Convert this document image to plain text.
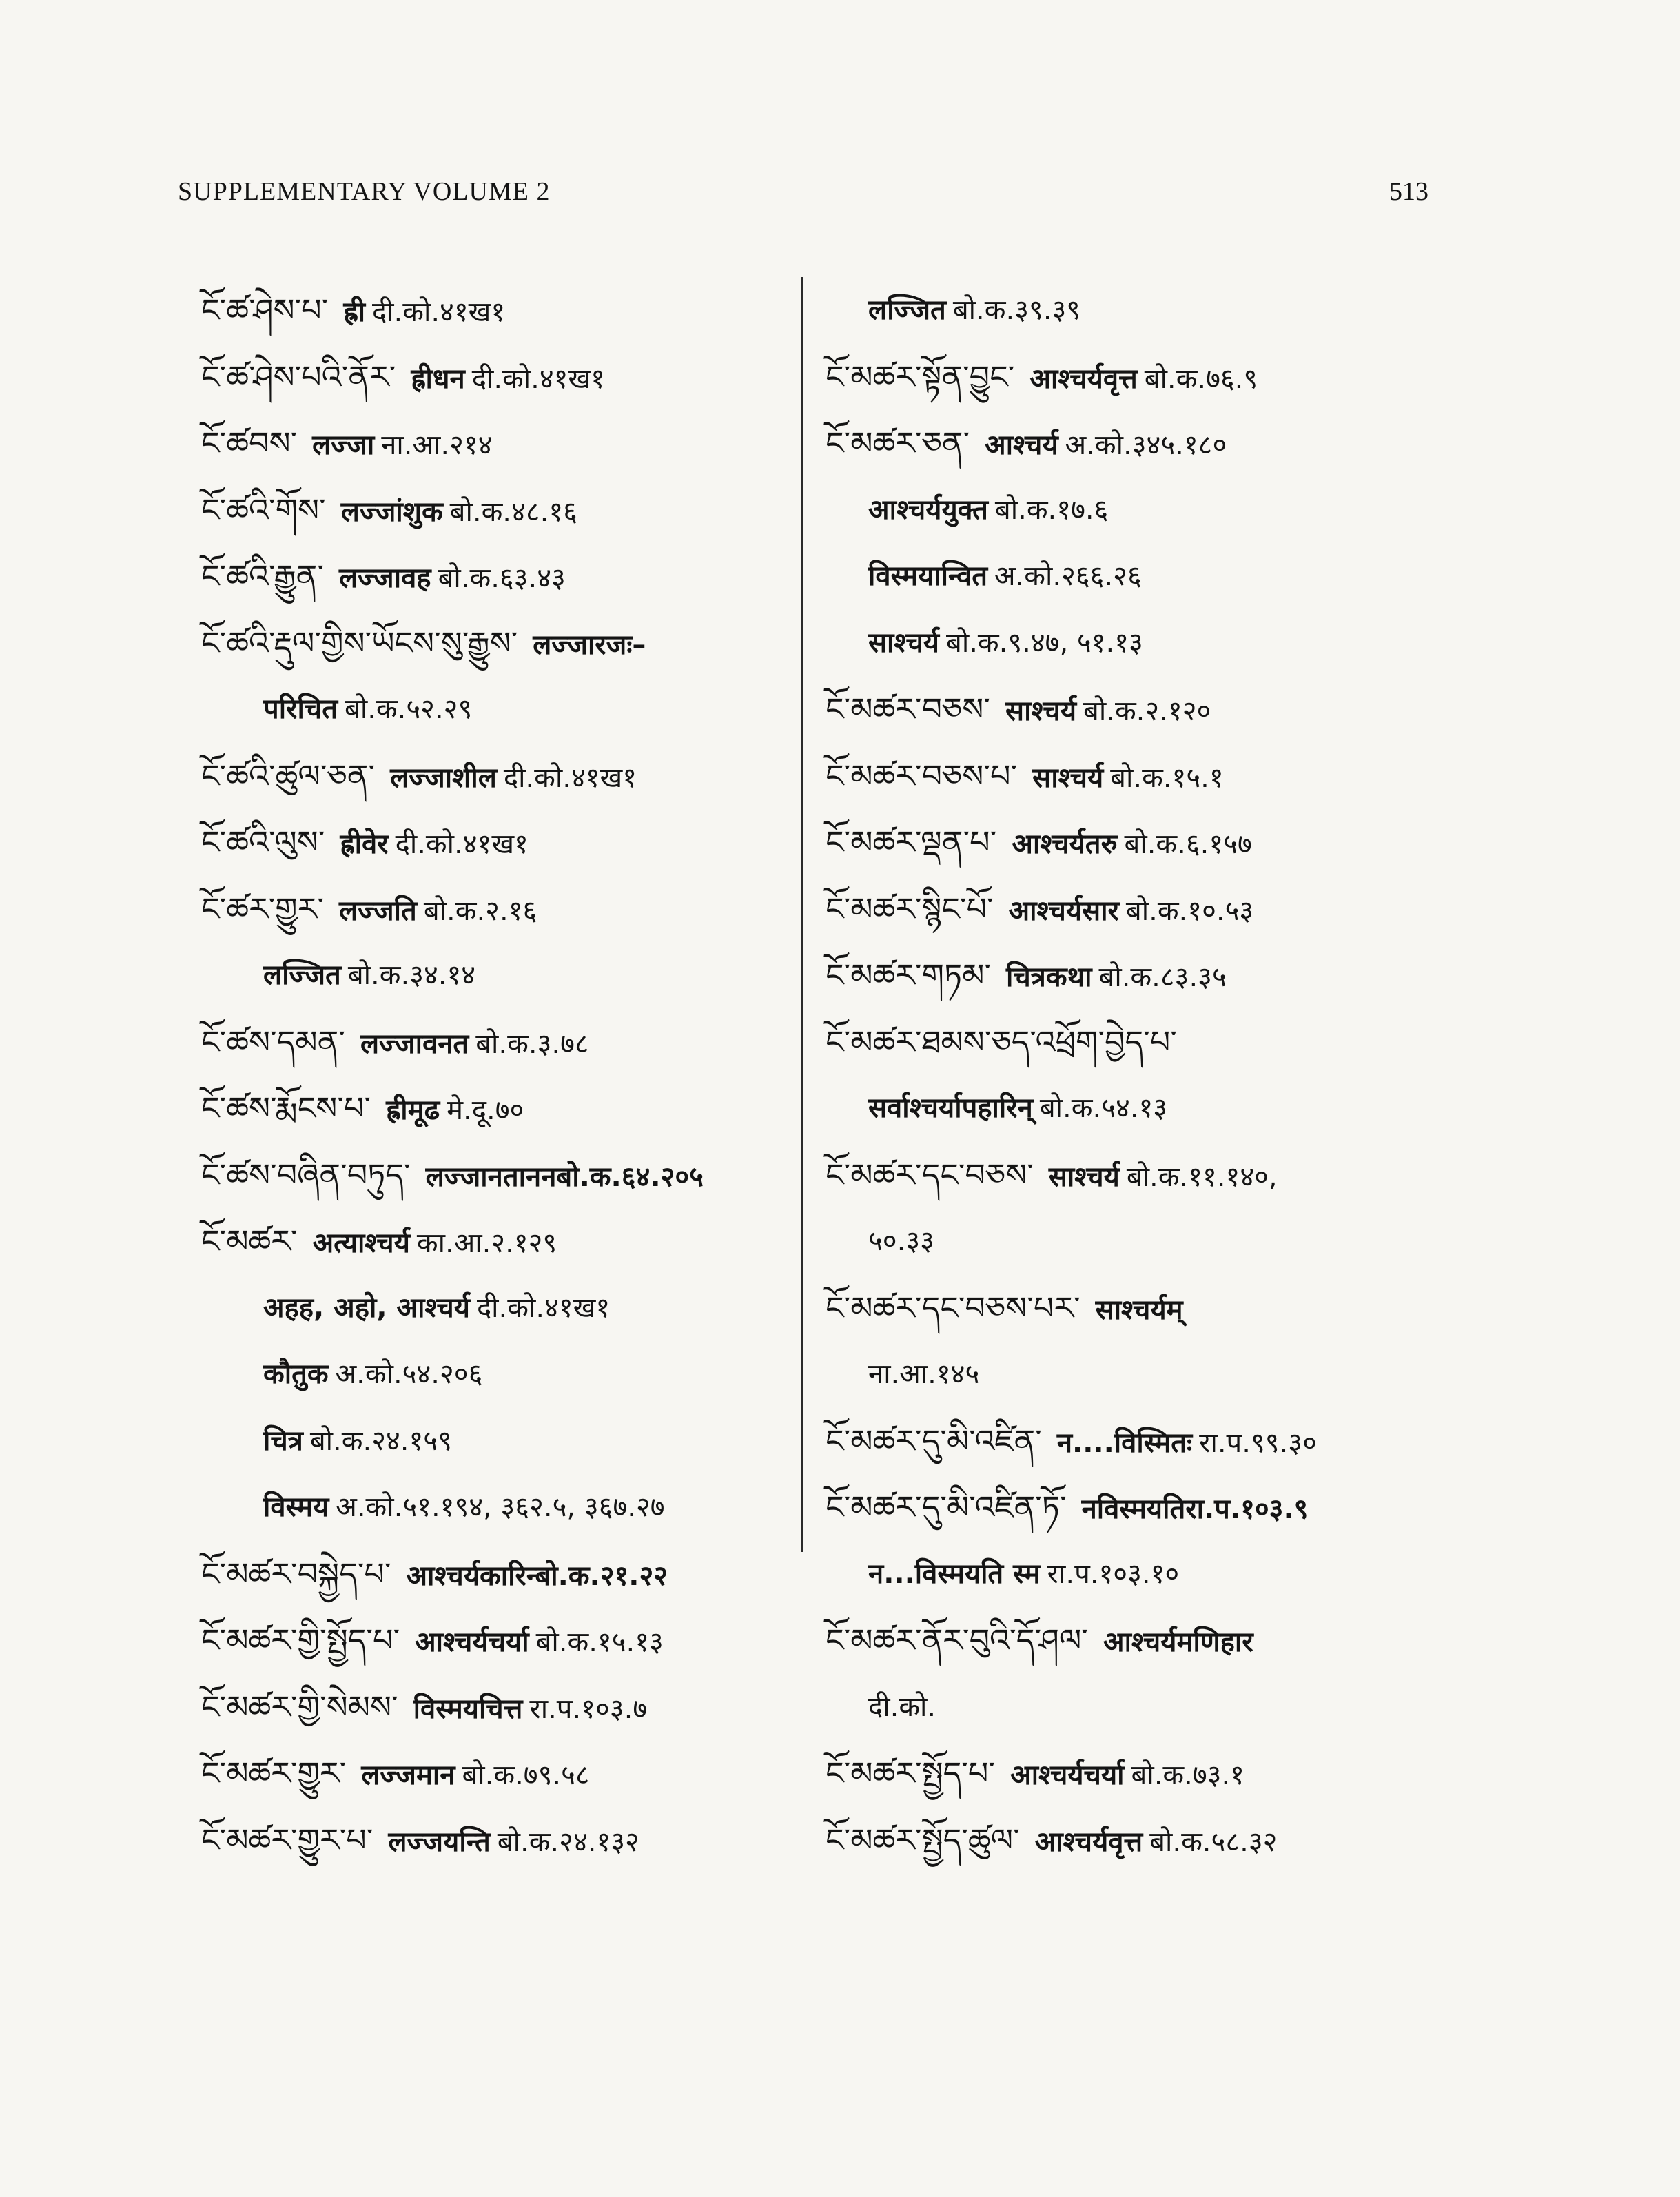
SUPPLEMENTARY VOLUME 2	513
ངོ་ཚ་ཤེས་པ་ ह्री दी.को.४१ख१
ངོ་ཚ་ཤེས་པའི་ནོར་ ह्रीधन दी.को.४१ख१
ངོ་ཚབས་ लज्जा ना.आ.२१४
ངོ་ཚའི་གོས་ लज्जांशुक बो.क.४८.१६
ངོ་ཚའི་རྒྱུན་ लज्जावह बो.क.६३.४३
ངོ་ཚའི་རྡུལ་གྱིས་ཡོངས་སུ་རྒྱུས་ लज्जारजः–
परिचित बो.क.५२.२९
ངོ་ཚའི་ཚུལ་ཅན་ लज्जाशील दी.को.४१ख१
ངོ་ཚའི་ལུས་ ह्रीवेर दी.को.४१ख१
ངོ་ཚར་གྱུར་ लज्जति बो.क.२.१६
लज्जित बो.क.३४.१४
ངོ་ཚས་དམན་ लज्जावनत बो.क.३.७८
ངོ་ཚས་རྨོངས་པ་ ह्रीमूढ मे.दू.७०
ངོ་ཚས་བཞིན་བཏུད་ लज्जानताननबो.क.६४.२०५
ངོ་མཚར་ अत्याश्चर्य का.आ.२.१२९
अहह, अहो, आश्चर्य दी.को.४१ख१
कौतुक अ.को.५४.२०६
चित्र बो.क.२४.१५९
विस्मय अ.को.५१.१९४, ३६२.५, ३६७.२७
ངོ་མཚར་བསྐྱེད་པ་ आश्चर्यकारिन्बो.क.२१.२२
ངོ་མཚར་གྱི་སྤྱོད་པ་ आश्चर्यचर्या बो.क.१५.१३
ངོ་མཚར་གྱི་སེམས་ विस्मयचित्त रा.प.१०३.७
ངོ་མཚར་གྱུར་ लज्जमान बो.क.७९.५८
ངོ་མཚར་གྱུར་པ་ लज्जयन्ति बो.क.२४.१३२
लज्जित बो.क.३९.३९
ངོ་མཚར་སྟོན་བྱུང་ आश्चर्यवृत्त बो.क.७६.९
ངོ་མཚར་ཅན་ आश्चर्य अ.को.३४५.१८०
आश्चर्ययुक्त बो.क.१७.६
विस्मयान्वित अ.को.२६६.२६
साश्चर्य बो.क.९.४७, ५१.१३
ངོ་མཚར་བཅས་ साश्चर्य बो.क.२.१२०
ངོ་མཚར་བཅས་པ་ साश्चर्य बो.क.१५.१
ངོ་མཚར་ལྡན་པ་ आश्चर्यतरु बो.क.६.१५७
ངོ་མཚར་སྙིང་པོ་ आश्चर्यसार बो.क.१०.५३
ངོ་མཚར་གཏམ་ चित्रकथा बो.क.८३.३५
ངོ་མཚར་ཐམས་ཅད་འཕྲོག་བྱེད་པ་
सर्वाश्चर्यापहारिन् बो.क.५४.१३
ངོ་མཚར་དང་བཅས་ साश्चर्य बो.क.११.१४०,
५०.३३
ངོ་མཚར་དང་བཅས་པར་ साश्चर्यम्
ना.आ.१४५
ངོ་མཚར་དུ་མི་འཛིན་ न....विस्मितः रा.प.९९.३०
ངོ་མཚར་དུ་མི་འཛིན་ཏོ་ नविस्मयतिरा.प.१०३.९
न...विस्मयति स्म रा.प.१०३.१०
ངོ་མཚར་ནོར་བུའི་དོ་ཤལ་ आश्चर्यमणिहार
दी.को.
ངོ་མཚར་སྤྱོད་པ་ आश्चर्यचर्या बो.क.७३.१
ངོ་མཚར་སྤྱོད་ཚུལ་ आश्चर्यवृत्त बो.क.५८.३२
